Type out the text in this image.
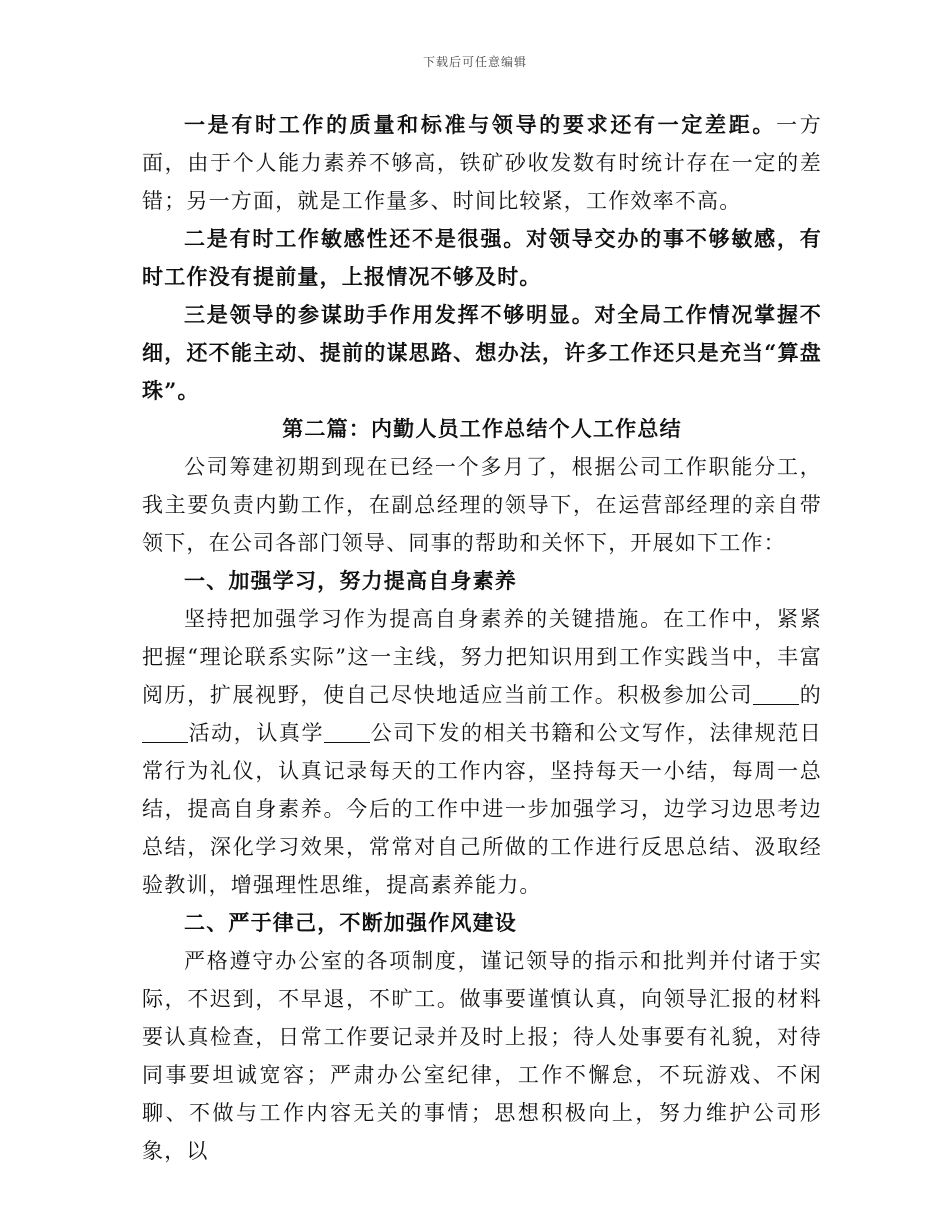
下载后可任意编辑

一是有时工作的质量和标准与领导的要求还有一定差距。一方面，由于个人能力素养不够高，铁矿砂收发数有时统计存在一定的差错；另一方面，就是工作量多、时间比较紧，工作效率不高。

二是有时工作敏感性还不是很强。对领导交办的事不够敏感，有时工作没有提前量，上报情况不够及时。

三是领导的参谋助手作用发挥不够明显。对全局工作情况掌握不细，还不能主动、提前的谋思路、想办法，许多工作还只是充当“算盘珠”。

第二篇：内勤人员工作总结个人工作总结

公司筹建初期到现在已经一个多月了，根据公司工作职能分工，我主要负责内勤工作，在副总经理的领导下，在运营部经理的亲自带领下，在公司各部门领导、同事的帮助和关怀下，开展如下工作：

一、加强学习，努力提高自身素养

坚持把加强学习作为提高自身素养的关键措施。在工作中，紧紧把握“理论联系实际”这一主线，努力把知识用到工作实践当中，丰富阅历，扩展视野，使自己尽快地适应当前工作。积极参加公司 的活动，认真学 公司下发的相关书籍和公文写作，法律规范日常行为礼仪，认真记录每天的工作内容，坚持每天一小结，每周一总结，提高自身素养。今后的工作中进一步加强学习，边学习边思考边总结，深化学习效果，常常对自己所做的工作进行反思总结、汲取经验教训，增强理性思维，提高素养能力。

二、严于律己，不断加强作风建设

严格遵守办公室的各项制度，谨记领导的指示和批判并付诸于实际，不迟到，不早退，不旷工。做事要谨慎认真，向领导汇报的材料要认真检查，日常工作要记录并及时上报；待人处事要有礼貌，对待同事要坦诚宽容；严肃办公室纪律，工作不懈怠，不玩游戏、不闲聊、不做与工作内容无关的事情；思想积极向上，努力维护公司形象，以
